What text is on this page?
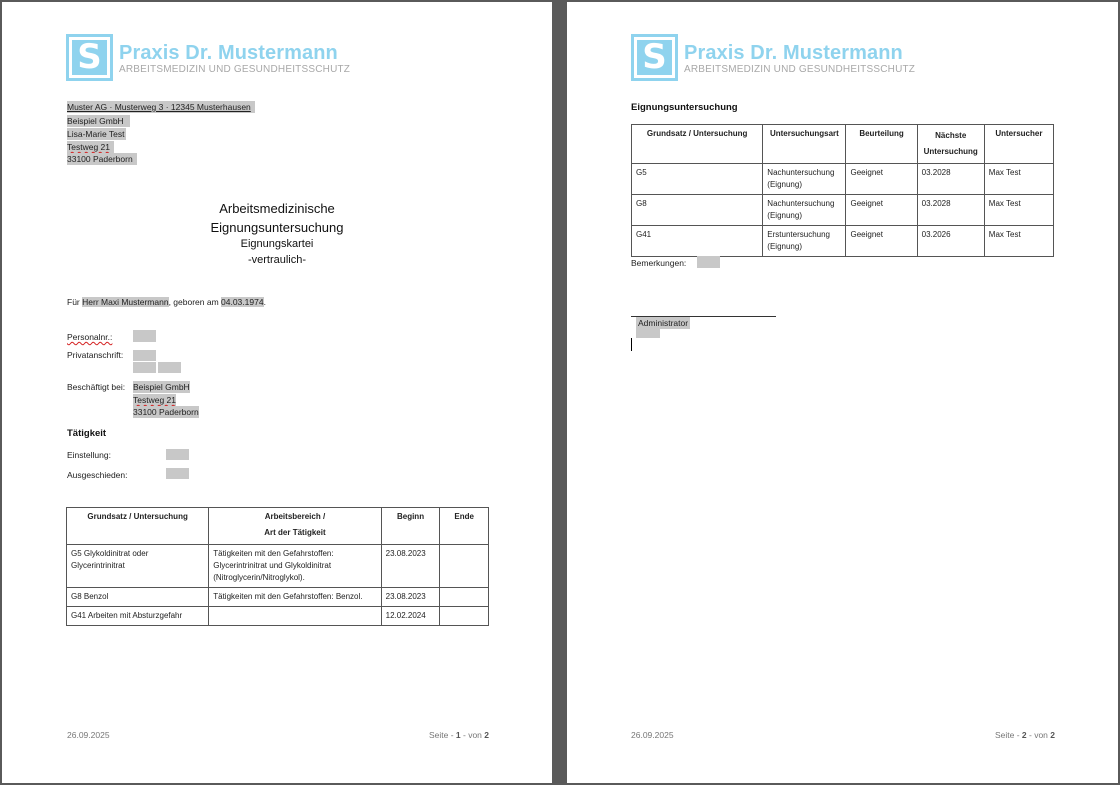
S Praxis Dr. Mustermann
ARBEITSMEDIZIN UND GESUNDHEITSSCHUTZ
Muster AG · Musterweg 3 · 12345 Musterhausen
Beispiel GmbH
Lisa-Marie Test
Testweg 21
33100 Paderborn
Arbeitsmedizinische
Eignungsuntersuchung
Eignungskartei
-vertraulich-
Für Herr Maxi Mustermann, geboren am 04.03.1974.
Personalnr.:
Privatanschrift:
Beschäftigt bei: Beispiel GmbH
Testweg 21
33100 Paderborn
Tätigkeit
Einstellung:
Ausgeschieden:
Grundsatz / Untersuchung	Arbeitsbereich /
Art der Tätigkeit	Beginn	Ende
G5 Glykoldinitrat oder Glycerintrinitrat	Tätigkeiten mit den Gefahrstoffen: Glycerintrinitrat und Glykoldinitrat (Nitroglycerin/Nitroglykol).	23.08.2023	
G8 Benzol	Tätigkeiten mit den Gefahrstoffen: Benzol.	23.08.2023	
G41 Arbeiten mit Absturzgefahr		12.02.2024	
26.09.2025	Seite - 1 - von 2
S Praxis Dr. Mustermann
ARBEITSMEDIZIN UND GESUNDHEITSSCHUTZ
Eignungsuntersuchung
Grundsatz / Untersuchung	Untersuchungsart	Beurteilung	Nächste Untersuchung	Untersucher
G5	Nachuntersuchung (Eignung)	Geeignet	03.2028	Max Test
G8	Nachuntersuchung (Eignung)	Geeignet	03.2028	Max Test
G41	Erstuntersuchung (Eignung)	Geeignet	03.2026	Max Test
Bemerkungen:
Administrator
26.09.2025	Seite - 2 - von 2
